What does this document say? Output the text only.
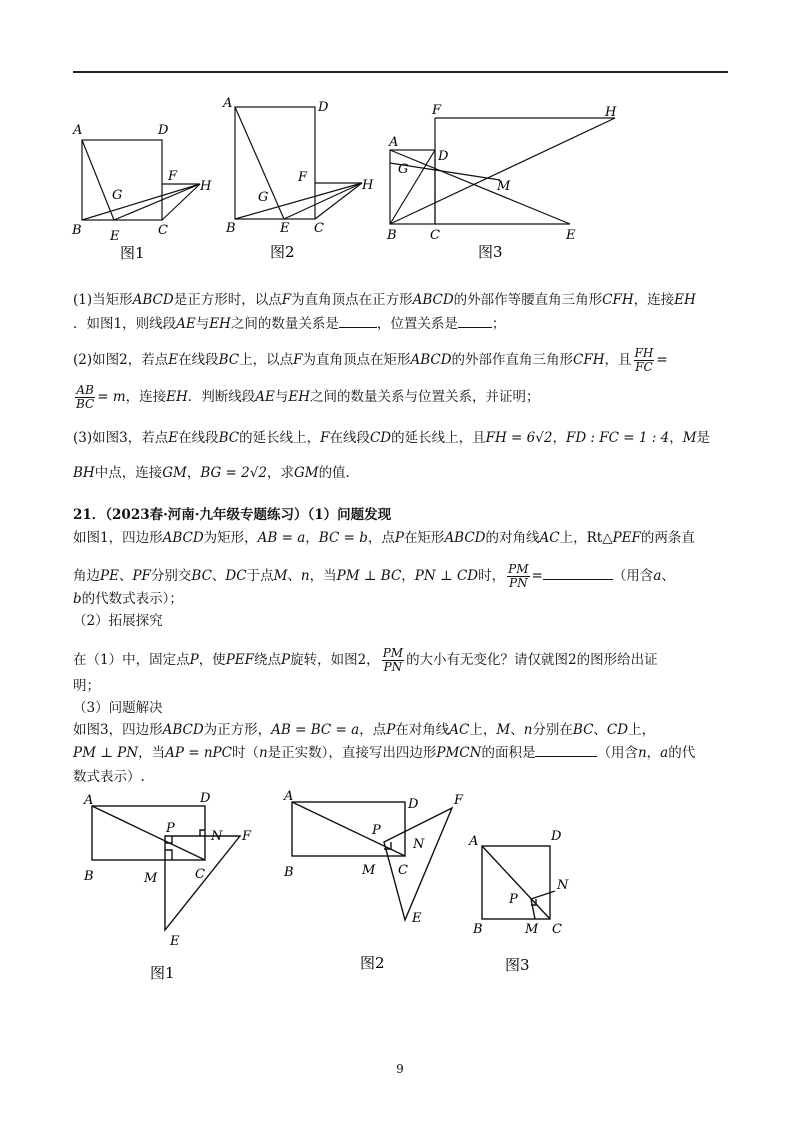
A	D
F
H
G
B E	C
图1
A	D
F
H
G
B	E C
图2
A
F	H
D
G
M
B	C	E
图3
(1)当矩形ABCD是正方形时，以点F为直角顶点在正方形ABCD的外部作等腰直角三角形CFH，连接EH
．如图1，则线段AE与EH之间的数量关系是	，位置关系是	；
(2)如图2，若点E在线段BC上，以点F为直角顶点在矩形ABCD的外部作直角三角形CFH，且 $\frac{FH}{FC}$ =
$\frac{AB}{BC} = m$，连接EH．判断线段AE与EH之间的数量关系与位置关系，并证明；
(3)如图3，若点E在线段BC的延长线上，F在线段CD的延长线上，且FH = 6√2，FD : FC = 1 : 4，M是
BH中点，连接GM，BG = 2√2，求GM的值.
21．（2023春·河南·九年级专题练习）（1）问题发现
如图1，四边形ABCD为矩形，AB = a，BC = b，点P在矩形ABCD的对角线AC上，Rt△PEF的两条直
角边PE、PF分别交BC、DC于点M、n，当PM ⊥ BC，PN ⊥ CD时， $\frac{PM}{PN}$ =	（用含a、
b的代数式表示）；
（2）拓展探究
在（1）中，固定点P，使PEF绕点P旋转，如图2， $\frac{PM}{PN}$ 的大小有无变化？请仅就图2的图形给出证
明；
（3）问题解决
如图3，四边形ABCD为正方形，AB = BC = a，点P在对角线AC上，M、n分别在BC、CD上，
PM ⊥ PN，当AP = nPC时（n是正实数），直接写出四边形PMCN的面积是	（用含n，a的代
数式表示）.
A	D
P
N F
B	M	C
E
图1
A
D	F
P
N
B	M C
E
图2
A	D
N
P
B	M C
图3
9
